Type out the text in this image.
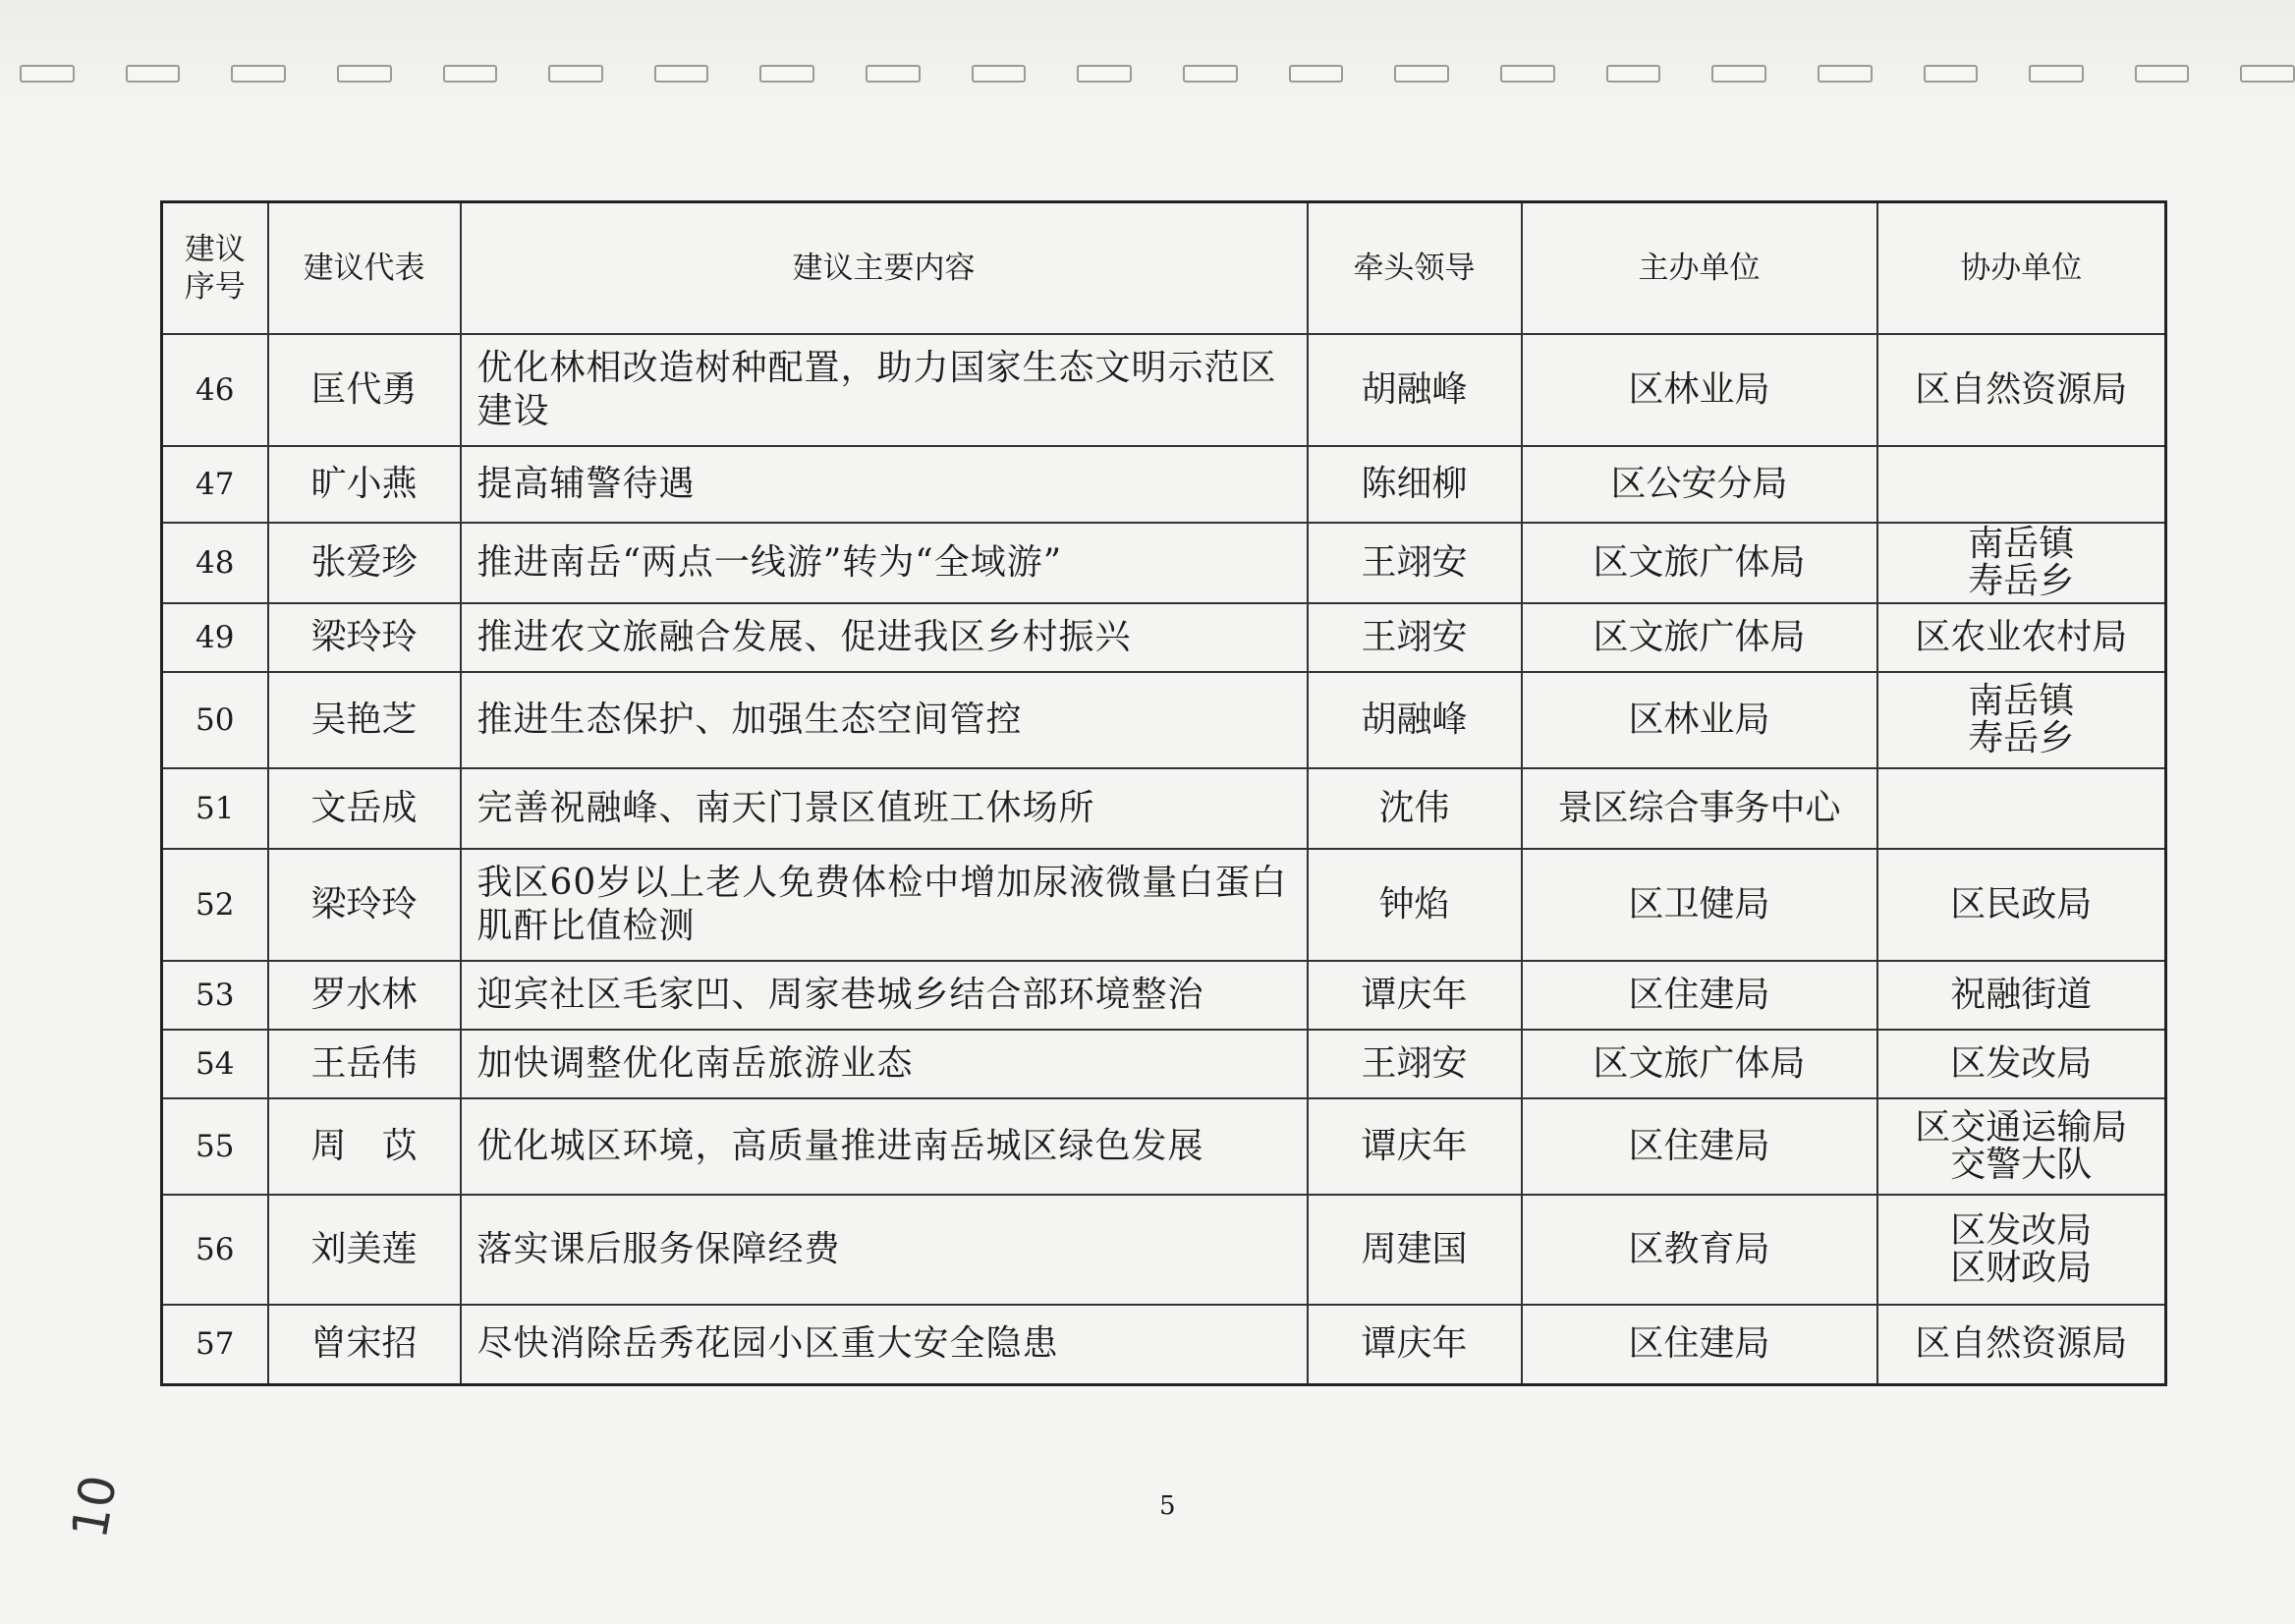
建议序号	建议代表	建议主要内容	牵头领导	主办单位	协办单位
46	匡代勇	优化林相改造树种配置，助力国家生态文明示范区建设	胡融峰	区林业局	区自然资源局

47	旷小燕	提高辅警待遇	陈细柳	区公安分局	
48	张爱珍	推进南岳“两点一线游”转为“全域游”	王翊安	区文旅广体局	南岳镇
寿岳乡

49	梁玲玲	推进农文旅融合发展、促进我区乡村振兴	王翊安	区文旅广体局	区农业农村局

50	吴艳芝	推进生态保护、加强生态空间管控	胡融峰	区林业局	南岳镇
寿岳乡

51	文岳成	完善祝融峰、南天门景区值班工休场所	沈伟	景区综合事务中心	
52	梁玲玲	我区60岁以上老人免费体检中增加尿液微量白蛋白肌酐比值检测	钟焰	区卫健局	区民政局

53	罗水林	迎宾社区毛家凹、周家巷城乡结合部环境整治	谭庆年	区住建局	祝融街道

54	王岳伟	加快调整优化南岳旅游业态	王翊安	区文旅广体局	区发改局

55	周　苡	优化城区环境，高质量推进南岳城区绿色发展	谭庆年	区住建局	区交通运输局
交警大队

56	刘美莲	落实课后服务保障经费	周建国	区教育局	区发改局
区财政局

57	曾宋招	尽快消除岳秀花园小区重大安全隐患	谭庆年	区住建局	区自然资源局
5
10
